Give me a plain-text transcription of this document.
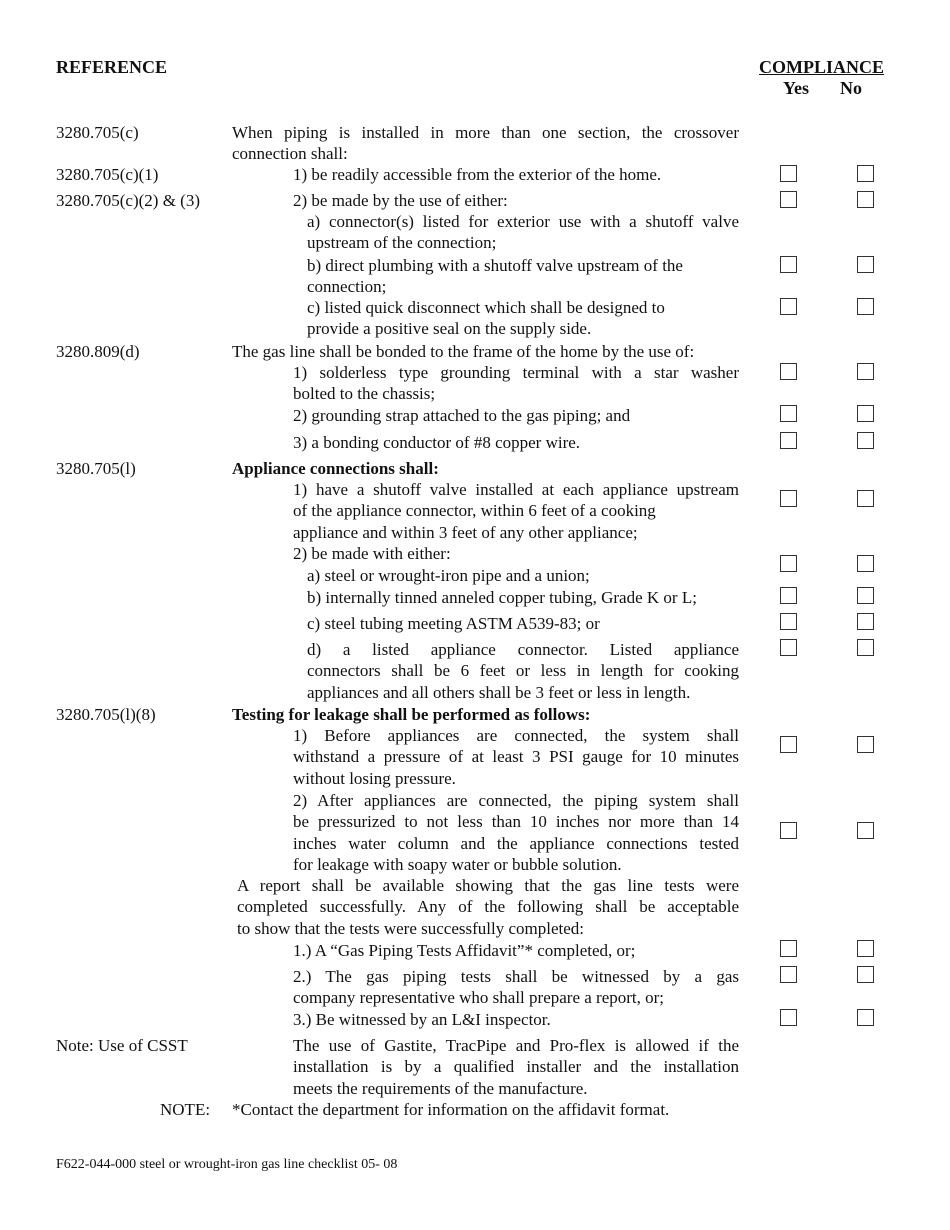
REFERENCE	COMPLIANCE
Yes No
3280.705(c)
3280.705(c)(1)
3280.705(c)(2) & (3)
3280.809(d)
3280.705(l)
3280.705(l)(8)
Note: Use of CSST
NOTE:
When piping is installed in more than one section, the crossover
connection shall:
1) be readily accessible from the exterior of the home.
2) be made by the use of either:
a) connector(s) listed for exterior use with a shutoff valve
upstream of the connection;
b) direct plumbing with a shutoff valve upstream of the
connection;
c) listed quick disconnect which shall be designed to
provide a positive seal on the supply side.
The gas line shall be bonded to the frame of the home by the use of:
1) solderless type grounding terminal with a star washer
bolted to the chassis;
2) grounding strap attached to the gas piping; and
3) a bonding conductor of #8 copper wire.
Appliance connections shall:
1) have a shutoff valve installed at each appliance upstream
of the appliance connector, within 6 feet of a cooking
appliance and within 3 feet of any other appliance;
2) be made with either:
a) steel or wrought-iron pipe and a union;
b) internally tinned anneled copper tubing, Grade K or L;
c) steel tubing meeting ASTM A539-83; or
d) a listed appliance connector. Listed appliance
connectors shall be 6 feet or less in length for cooking
appliances and all others shall be 3 feet or less in length.
Testing for leakage shall be performed as follows:
1) Before appliances are connected, the system shall
withstand a pressure of at least 3 PSI gauge for 10 minutes
without losing pressure.
2) After appliances are connected, the piping system shall
be pressurized to not less than 10 inches nor more than 14
inches water column and the appliance connections tested
for leakage with soapy water or bubble solution.
A report shall be available showing that the gas line tests were
completed successfully. Any of the following shall be acceptable
to show that the tests were successfully completed:
1.) A “Gas Piping Tests Affidavit”* completed, or;
2.) The gas piping tests shall be witnessed by a gas
company representative who shall prepare a report, or;
3.) Be witnessed by an L&I inspector.
The use of Gastite, TracPipe and Pro-flex is allowed if the
installation is by a qualified installer and the installation
meets the requirements of the manufacture.
*Contact the department for information on the affidavit format.
F622-044-000 steel or wrought-iron gas line checklist 05- 08
